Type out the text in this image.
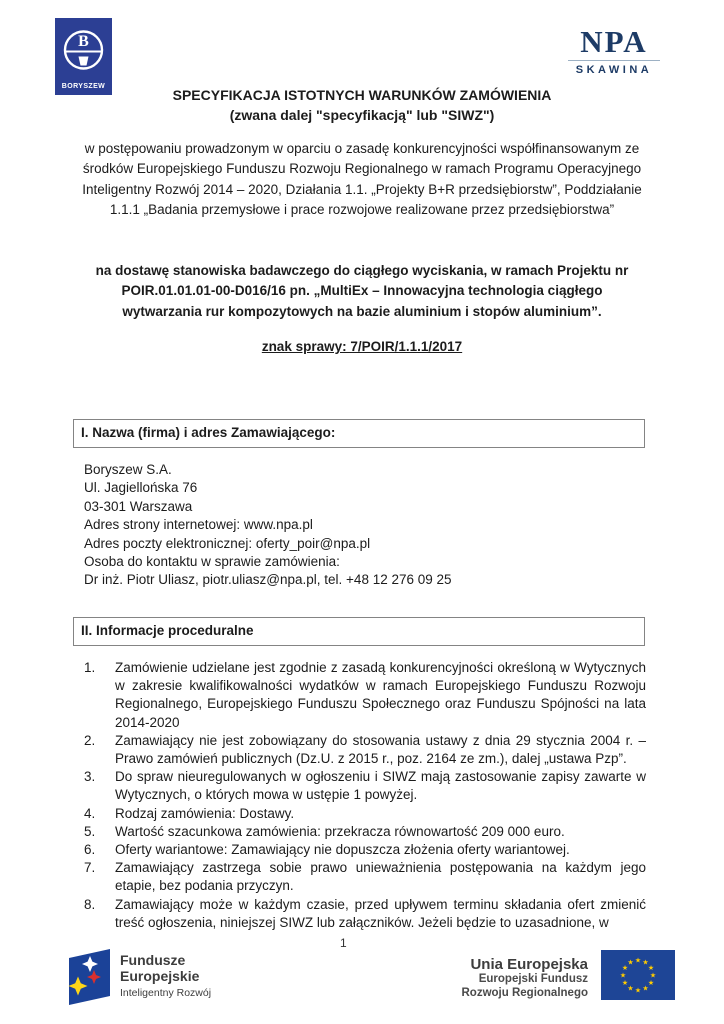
B
BORYSZEW
NPA
SKAWINA
SPECYFIKACJA ISTOTNYCH WARUNKÓW ZAMÓWIENIA
(zwana dalej "specyfikacją" lub "SIWZ")
w postępowaniu prowadzonym w oparciu o zasadę konkurencyjności współfinansowanym ze środków Europejskiego Funduszu Rozwoju Regionalnego w ramach Programu Operacyjnego Inteligentny Rozwój 2014 – 2020, Działania 1.1. „Projekty B+R przedsiębiorstw”, Poddziałanie 1.1.1 „Badania przemysłowe i prace rozwojowe realizowane przez przedsiębiorstwa”
na dostawę stanowiska badawczego do ciągłego wyciskania, w ramach Projektu nr POIR.01.01.01-00-D016/16 pn. „MultiEx – Innowacyjna technologia ciągłego wytwarzania rur kompozytowych na bazie aluminium i stopów aluminium”.
znak sprawy: 7/POIR/1.1.1/2017
I. Nazwa (firma) i adres Zamawiającego:
Boryszew S.A.
Ul. Jagiellońska 76
03-301 Warszawa
Adres strony internetowej: www.npa.pl
Adres poczty elektronicznej: oferty_poir@npa.pl
Osoba do kontaktu w sprawie zamówienia:
Dr inż. Piotr Uliasz, piotr.uliasz@npa.pl, tel. +48 12 276 09 25
II. Informacje proceduralne
1.	Zamówienie udzielane jest zgodnie z zasadą konkurencyjności określoną w Wytycznych w zakresie kwalifikowalności wydatków w ramach Europejskiego Funduszu Rozwoju Regionalnego, Europejskiego Funduszu Społecznego oraz Funduszu Spójności na lata 2014-2020
2.	Zamawiający nie jest zobowiązany do stosowania ustawy z dnia 29 stycznia 2004 r. – Prawo zamówień publicznych (Dz.U. z 2015 r., poz. 2164 ze zm.), dalej „ustawa Pzp”.
3.	Do spraw nieuregulowanych w ogłoszeniu i SIWZ mają zastosowanie zapisy zawarte w Wytycznych, o których mowa w ustępie 1 powyżej.
4.	Rodzaj zamówienia: Dostawy.
5.	Wartość szacunkowa zamówienia: przekracza równowartość 209 000 euro.
6.	Oferty wariantowe: Zamawiający nie dopuszcza złożenia oferty wariantowej.
7.	Zamawiający zastrzega sobie prawo unieważnienia postępowania na każdym jego etapie, bez podania przyczyn.
8.	Zamawiający może w każdym czasie, przed upływem terminu składania ofert zmienić treść ogłoszenia, niniejszej SIWZ lub załączników. Jeżeli będzie to uzasadnione, w
1
Fundusze
Europejskie
Inteligentny Rozwój
Unia Europejska
Europejski Fundusz
Rozwoju Regionalnego
★ ★
★
★
★
★
★
★
★
★
★
★
